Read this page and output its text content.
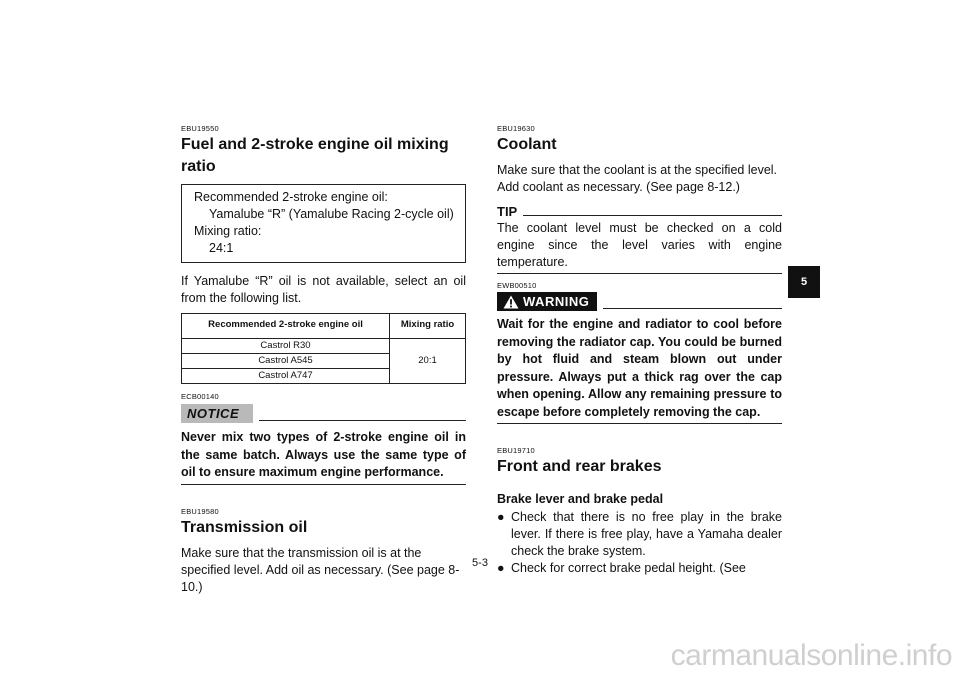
EBU19550
Fuel and 2-stroke engine oil mixing
ratio
Recommended 2-stroke engine oil:
Yamalube “R” (Yamalube Racing 2-cycle oil)
Mixing ratio:
24:1

If Yamalube “R” oil is not available, select an oil from the following list.

Recommended 2-stroke engine oil	Mixing ratio
Castrol R30	20:1
Castrol A545	
Castrol A747	
ECB00140
NOTICE

Never mix two types of 2-stroke engine oil in the same batch. Always use the same type of oil to ensure maximum engine performance.

EBU19580
Transmission oil

Make sure that the transmission oil is at the specified level. Add oil as necessary. (See page 8-10.)

EBU19630
Coolant

Make sure that the coolant is at the specified level. Add coolant as necessary. (See page 8-12.)

TIP

The coolant level must be checked on a cold engine since the level varies with engine temperature.

EWB00510
WARNING

Wait for the engine and radiator to cool before removing the radiator cap. You could be burned by hot fluid and steam blown out under pressure. Always put a thick rag over the cap when opening. Allow any remaining pressure to escape before completely removing the cap.

EBU19710
Front and rear brakes
Brake lever and brake pedal
● Check that there is no free play in the brake lever. If there is free play, have a Yamaha dealer check the brake system.
● Check for correct brake pedal height. (See
5
5-3
carmanualsonline.info
